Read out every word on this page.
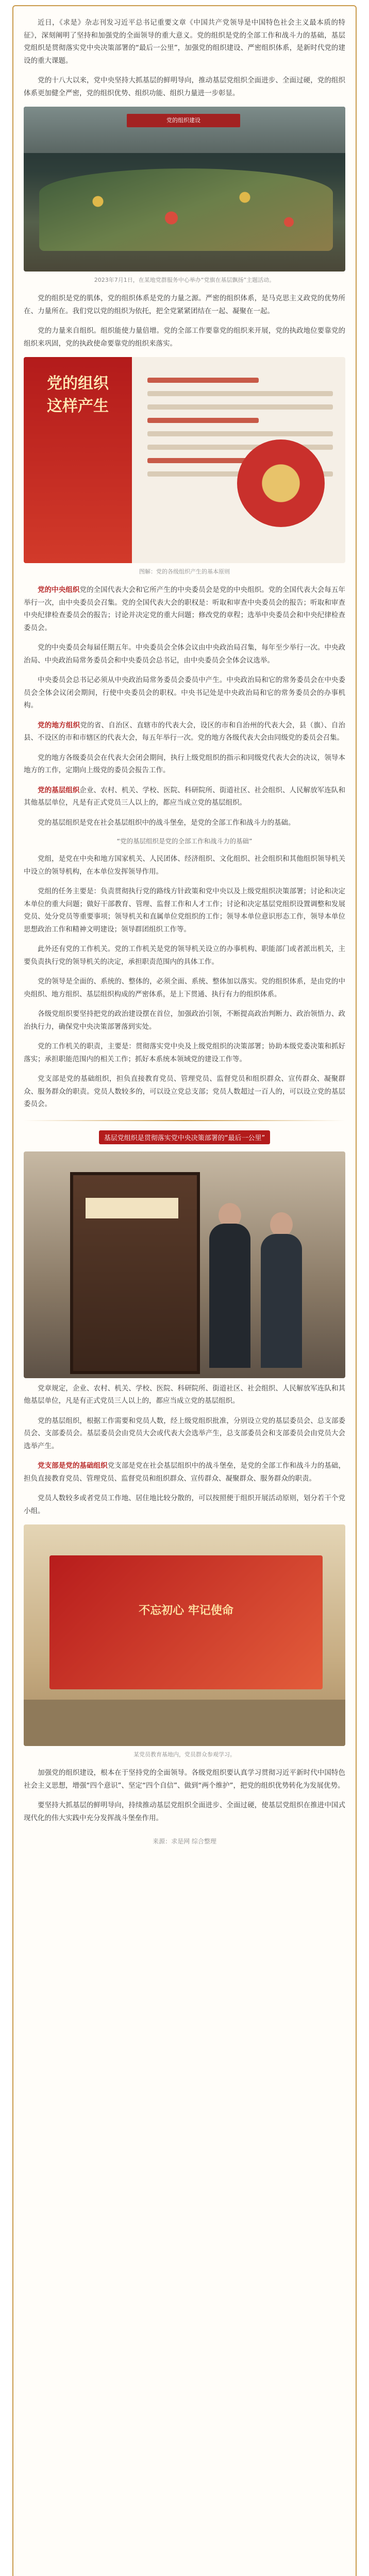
近日，《求是》杂志刊发习近平总书记重要文章《中国共产党领导是中国特色社会主义最本质的特征》，深刻阐明了坚持和加强党的全面领导的重大意义。党的组织是党的全部工作和战斗力的基础，基层党组织是贯彻落实党中央决策部署的“最后一公里”，加强党的组织建设、严密组织体系，是新时代党的建设的重大课题。

党的十八大以来，党中央坚持大抓基层的鲜明导向，推动基层党组织全面进步、全面过硬，党的组织体系更加健全严密，党的组织优势、组织功能、组织力量进一步彰显。

党的组织建设
2023年7月1日，在某地党群服务中心举办“党旗在基层飘扬”主题活动。

党的组织是党的肌体，党的组织体系是党的力量之源。严密的组织体系，是马克思主义政党的优势所在、力量所在。我们党以党的组织为依托，把全党紧紧团结在一起、凝聚在一起。

党的力量来自组织。组织能使力量倍增。党的全部工作要靠党的组织来开展，党的执政地位要靠党的组织来巩固，党的执政使命要靠党的组织来落实。

党的组织 这样产生
图解：党的各级组织产生的基本原则

党的中央组织党的全国代表大会和它所产生的中央委员会是党的中央组织。党的全国代表大会每五年举行一次，由中央委员会召集。党的全国代表大会的职权是：听取和审查中央委员会的报告；听取和审查中央纪律检查委员会的报告；讨论并决定党的重大问题；修改党的章程；选举中央委员会和中央纪律检查委员会。

党的中央委员会每届任期五年。中央委员会全体会议由中央政治局召集，每年至少举行一次。中央政治局、中央政治局常务委员会和中央委员会总书记，由中央委员会全体会议选举。

中央委员会总书记必须从中央政治局常务委员会委员中产生。中央政治局和它的常务委员会在中央委员会全体会议闭会期间，行使中央委员会的职权。中央书记处是中央政治局和它的常务委员会的办事机构。

党的地方组织党的省、自治区、直辖市的代表大会，设区的市和自治州的代表大会，县（旗）、自治县、不设区的市和市辖区的代表大会，每五年举行一次。党的地方各级代表大会由同级党的委员会召集。

党的地方各级委员会在代表大会闭会期间，执行上级党组织的指示和同级党代表大会的决议，领导本地方的工作，定期向上级党的委员会报告工作。

党的基层组织企业、农村、机关、学校、医院、科研院所、街道社区、社会组织、人民解放军连队和其他基层单位，凡是有正式党员三人以上的，都应当成立党的基层组织。

党的基层组织是党在社会基层组织中的战斗堡垒，是党的全部工作和战斗力的基础。

“党的基层组织是党的全部工作和战斗力的基础”

党组，是党在中央和地方国家机关、人民团体、经济组织、文化组织、社会组织和其他组织领导机关中设立的领导机构，在本单位发挥领导作用。

党组的任务主要是：负责贯彻执行党的路线方针政策和党中央以及上级党组织决策部署；讨论和决定本单位的重大问题；做好干部教育、管理、监督工作和人才工作；讨论和决定基层党组织设置调整和发展党员、处分党员等重要事项；领导机关和直属单位党组织的工作；领导本单位意识形态工作，领导本单位思想政治工作和精神文明建设；领导群团组织工作等。

此外还有党的工作机关。党的工作机关是党的领导机关设立的办事机构、职能部门或者派出机关，主要负责执行党的领导机关的决定，承担职责范围内的具体工作。

党的领导是全面的、系统的、整体的，必须全面、系统、整体加以落实。党的组织体系，是由党的中央组织、地方组织、基层组织构成的严密体系，是上下贯通、执行有力的组织体系。

各级党组织要坚持把党的政治建设摆在首位，加强政治引领，不断提高政治判断力、政治领悟力、政治执行力，确保党中央决策部署落到实处。

党的工作机关的职责，主要是：贯彻落实党中央及上级党组织的决策部署；协助本级党委决策和抓好落实；承担职能范围内的相关工作；抓好本系统本领域党的建设工作等。

党支部是党的基础组织，担负直接教育党员、管理党员、监督党员和组织群众、宣传群众、凝聚群众、服务群众的职责。党员人数较多的，可以设立党总支部；党员人数超过一百人的，可以设立党的基层委员会。

基层党组织是贯彻落实党中央决策部署的“最后一公里”

党章规定，企业、农村、机关、学校、医院、科研院所、街道社区、社会组织、人民解放军连队和其他基层单位，凡是有正式党员三人以上的，都应当成立党的基层组织。

党的基层组织，根据工作需要和党员人数，经上级党组织批准，分别设立党的基层委员会、总支部委员会、支部委员会。基层委员会由党员大会或代表大会选举产生，总支部委员会和支部委员会由党员大会选举产生。

党支部是党的基础组织党支部是党在社会基层组织中的战斗堡垒，是党的全部工作和战斗力的基础，担负直接教育党员、管理党员、监督党员和组织群众、宣传群众、凝聚群众、服务群众的职责。

党员人数较多或者党员工作地、居住地比较分散的，可以按照便于组织开展活动原则，划分若干个党小组。

不忘初心 牢记使命
某党员教育基地内，党员群众参观学习。

加强党的组织建设，根本在于坚持党的全面领导。各级党组织要认真学习贯彻习近平新时代中国特色社会主义思想，增强“四个意识”、坚定“四个自信”、做到“两个维护”，把党的组织优势转化为发展优势。

要坚持大抓基层的鲜明导向，持续推动基层党组织全面进步、全面过硬，使基层党组织在推进中国式现代化的伟大实践中充分发挥战斗堡垒作用。

来源：求是网 综合整理
